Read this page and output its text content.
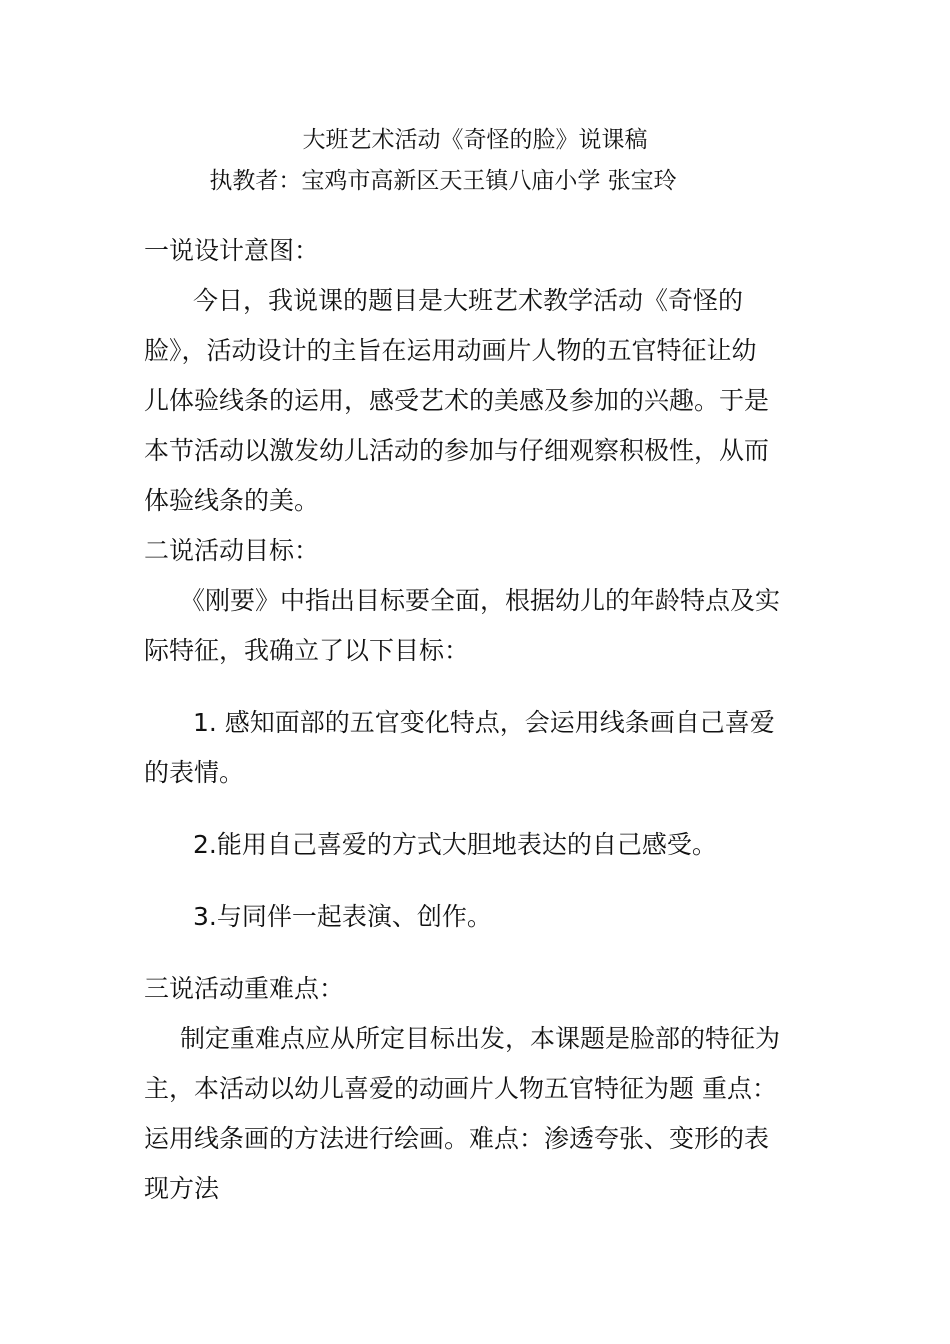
大班艺术活动《奇怪的脸》说课稿
执教者：宝鸡市高新区天王镇八庙小学 张宝玲
一说设计意图：
今日，我说课的题目是大班艺术教学活动《奇怪的
脸》，活动设计的主旨在运用动画片人物的五官特征让幼
儿体验线条的运用，感受艺术的美感及参加的兴趣。于是
本节活动以激发幼儿活动的参加与仔细观察积极性，从而
体验线条的美。
二说活动目标：
《刚要》中指出目标要全面，根据幼儿的年龄特点及实
际特征，我确立了以下目标：
1. 感知面部的五官变化特点，会运用线条画自己喜爱
的表情。
2.能用自己喜爱的方式大胆地表达的自己感受。
3.与同伴一起表演、创作。
三说活动重难点：
制定重难点应从所定目标出发，本课题是脸部的特征为
主，本活动以幼儿喜爱的动画片人物五官特征为题 重点：
运用线条画的方法进行绘画。难点：渗透夸张、变形的表
现方法
